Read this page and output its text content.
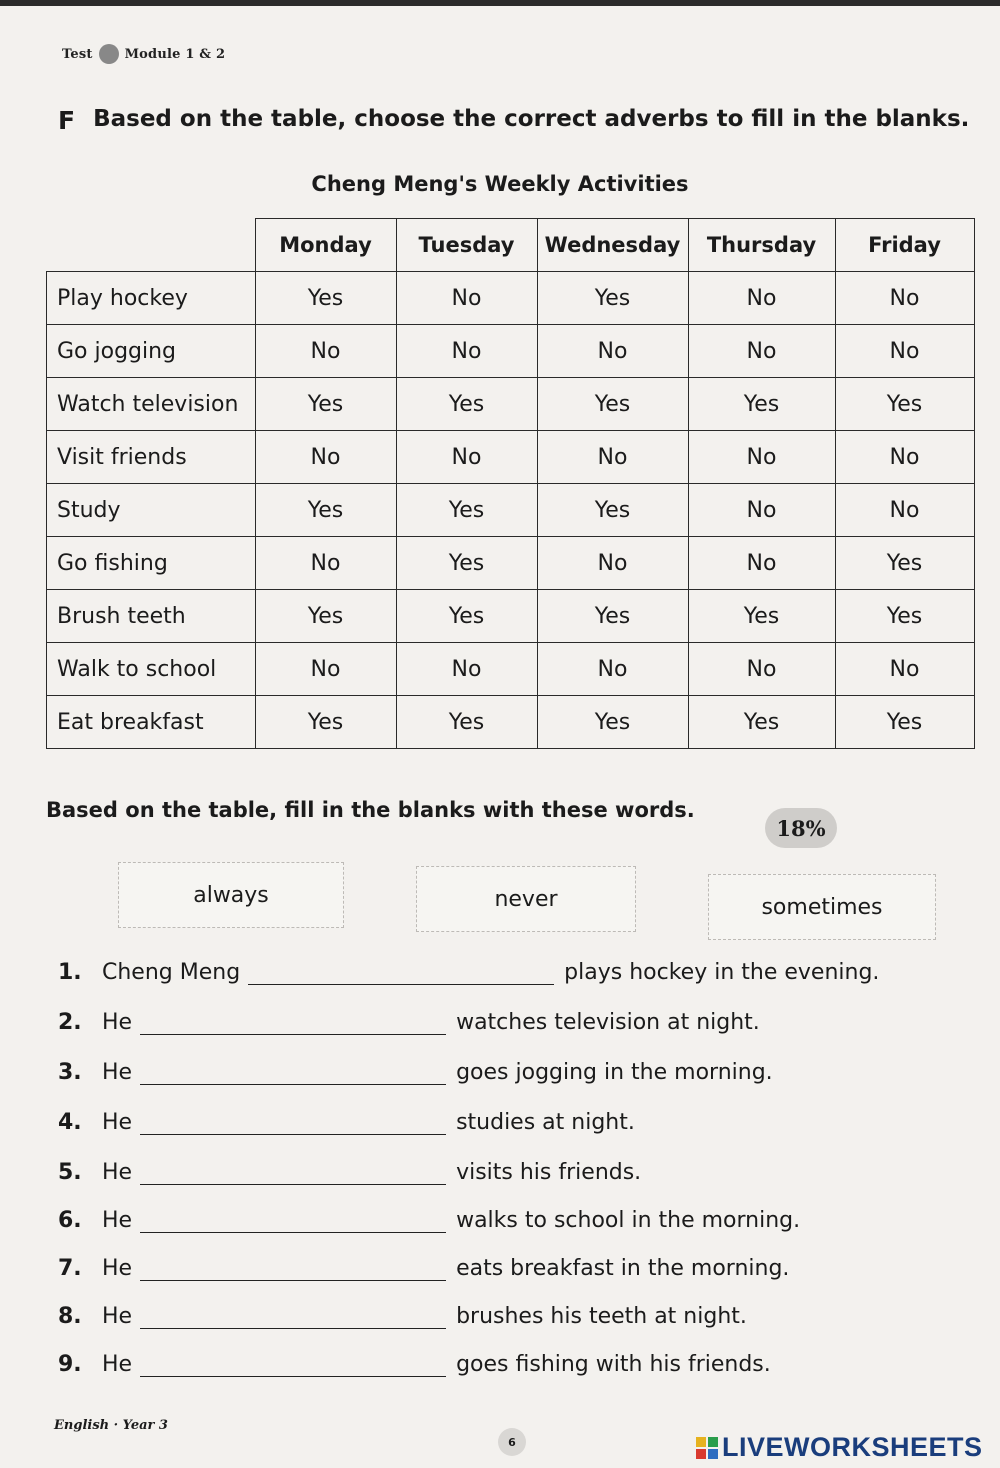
Test Module 1 & 2
F Based on the table, choose the correct adverbs to fill in the blanks.
Cheng Meng's Weekly Activities
	Monday	Tuesday	Wednesday	Thursday	Friday
Play hockey	Yes	No	Yes	No	No
Go jogging	No	No	No	No	No
Watch television	Yes	Yes	Yes	Yes	Yes
Visit friends	No	No	No	No	No
Study	Yes	Yes	Yes	No	No
Go fishing	No	Yes	No	No	Yes
Brush teeth	Yes	Yes	Yes	Yes	Yes
Walk to school	No	No	No	No	No
Eat breakfast	Yes	Yes	Yes	Yes	Yes
Based on the table, fill in the blanks with these words.
18%
always	never	sometimes
1. Cheng Meng	plays hockey in the evening.
2. He	watches television at night.
3. He	goes jogging in the morning.
4. He	studies at night.
5. He	visits his friends.
6. He	walks to school in the morning.
7. He	eats breakfast in the morning.
8. He	brushes his teeth at night.
9. He	goes fishing with his friends.
English · Year 3
6	LIVEWORKSHEETS
